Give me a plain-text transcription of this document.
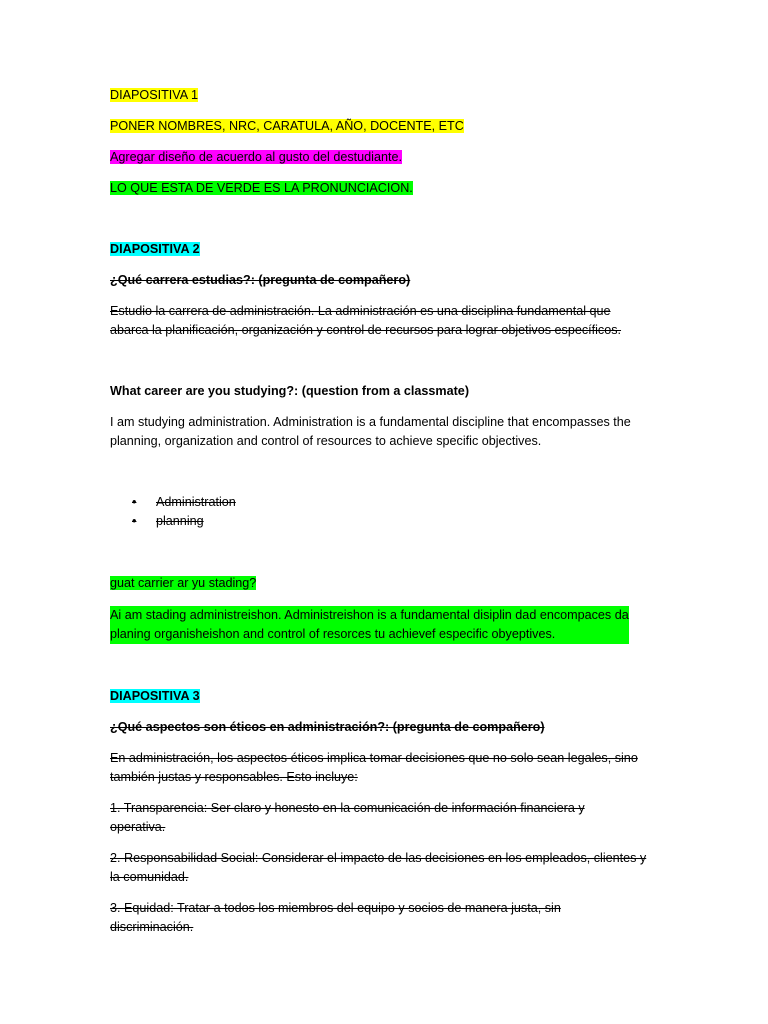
DIAPOSITIVA 1

PONER NOMBRES, NRC, CARATULA, AÑO, DOCENTE, ETC

Agregar diseño de acuerdo al gusto del destudiante.

LO QUE ESTA DE VERDE ES LA PRONUNCIACION.

DIAPOSITIVA 2

¿Qué carrera estudias?: (pregunta de compañero)

Estudio la carrera de administración. La administración es una disciplina fundamental que
abarca la planificación, organización y control de recursos para lograr objetivos específicos.

What career are you studying?: (question from a classmate)

I am studying administration. Administration is a fundamental discipline that encompasses the
planning, organization and control of resources to achieve specific objectives.
• Administration
• planning

guat carrier ar yu stading?

Ai am stading administreishon. Administreishon is a fundamental disiplin dad encompaces da
planing organisheishon and control of resorces tu achievef especific obyeptives.

DIAPOSITIVA 3

¿Qué aspectos son éticos en administración?: (pregunta de compañero)

En administración, los aspectos éticos implica tomar decisiones que no solo sean legales, sino
también justas y responsables. Esto incluye:
1. Transparencia: Ser claro y honesto en la comunicación de información financiera y
operativa.
2. Responsabilidad Social: Considerar el impacto de las decisiones en los empleados, clientes y
la comunidad.
3. Equidad: Tratar a todos los miembros del equipo y socios de manera justa, sin
discriminación.
